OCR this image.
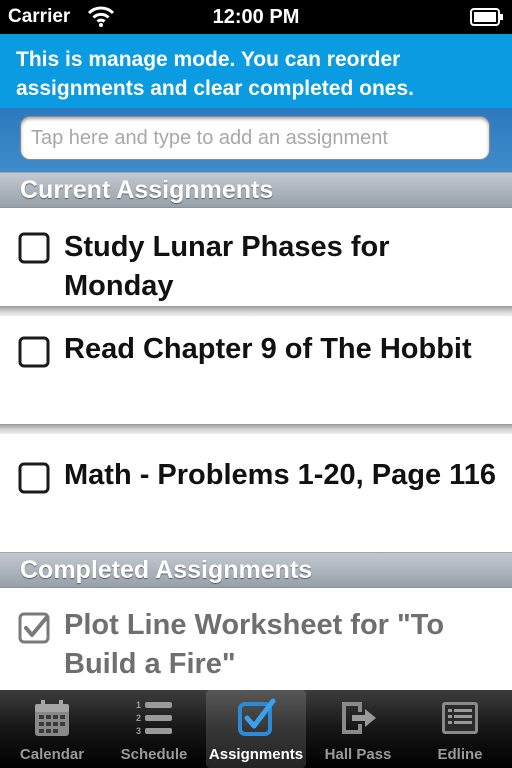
Carrier	12:00 PM
This is manage mode. You can reorder assignments and clear completed ones.
Tap here and type to add an assignment
Current Assignments
Study Lunar Phases for Monday
Read Chapter 9 of The Hobbit
Math - Problems 1-20, Page 116
Completed Assignments
Plot Line Worksheet for "To Build a Fire"
Calendar
1
2
3
Schedule	Assignments	Hall Pass	Edline
